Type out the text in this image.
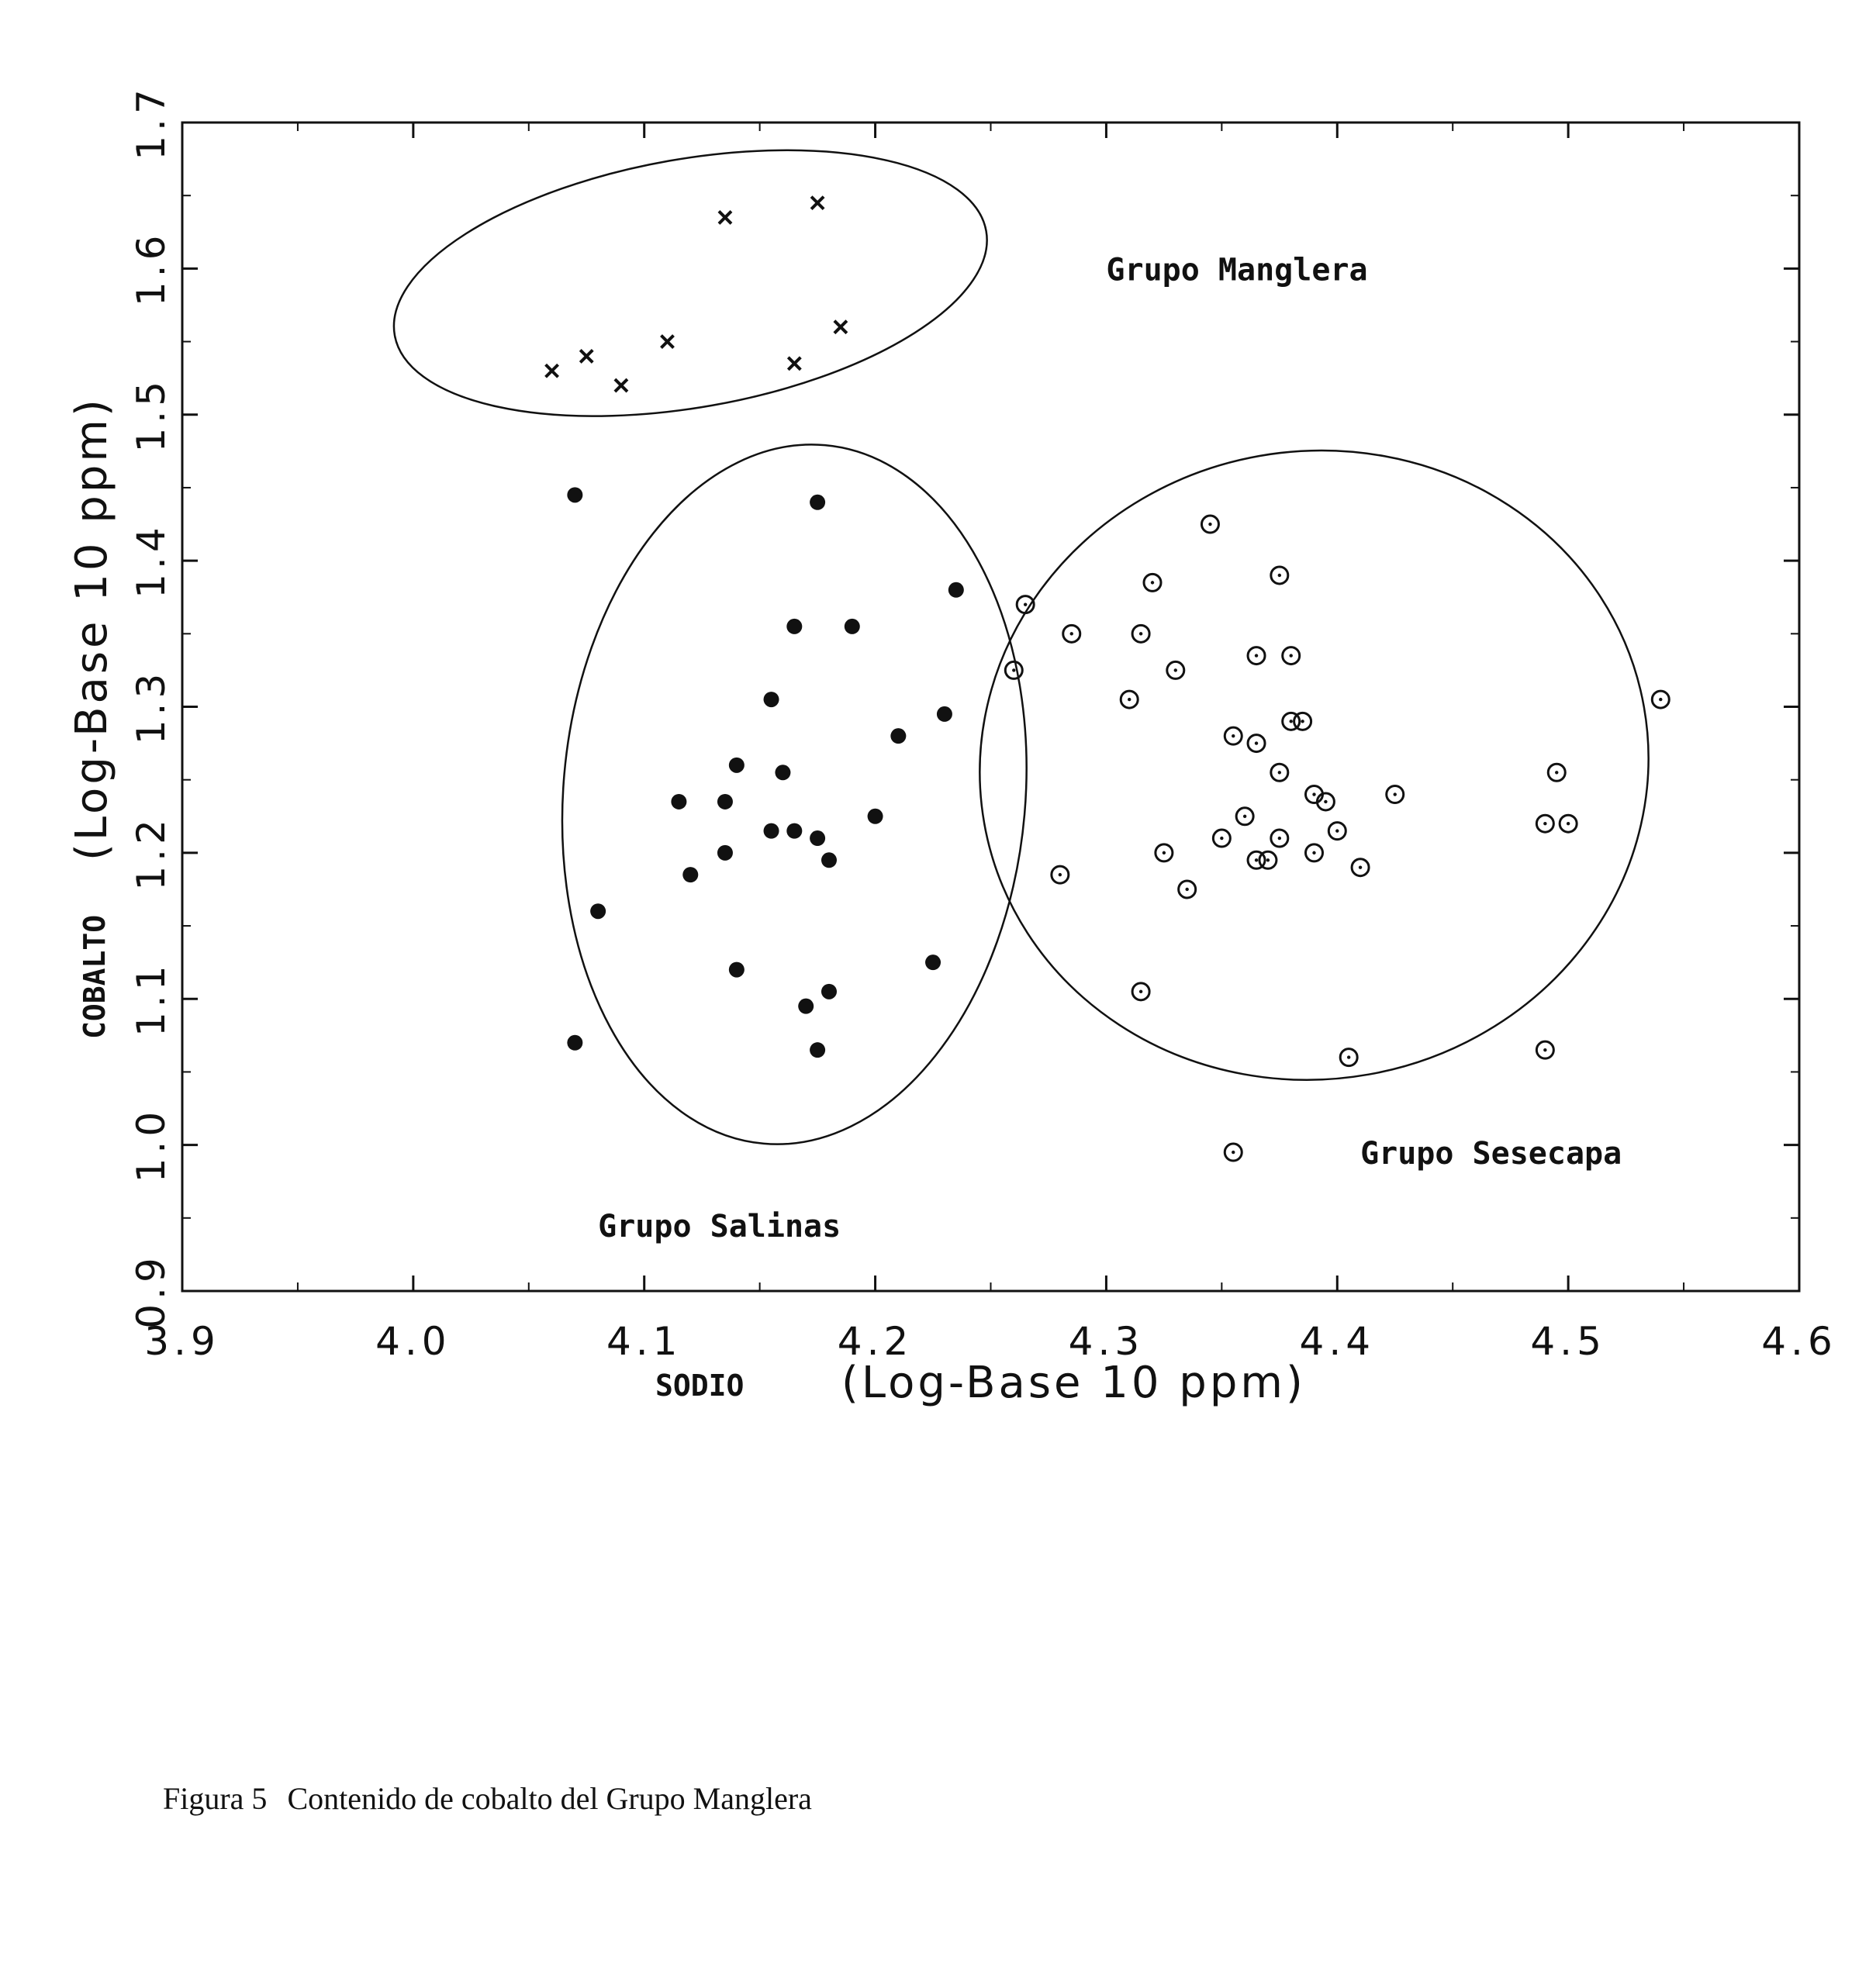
3.9	4.0	4.1	4.2	4.3	4.4	4.5	4.6
0.9
1.0
1.1
1.2
1.3
1.4
1.5
1.6
1.7
Grupo Manglera
Grupo Salinas
Grupo Sesecapa
SODIO (Log-Base 10 ppm)
COBALTO
(Log-Base 10 ppm)
Figura 5 Contenido de cobalto del Grupo Manglera
